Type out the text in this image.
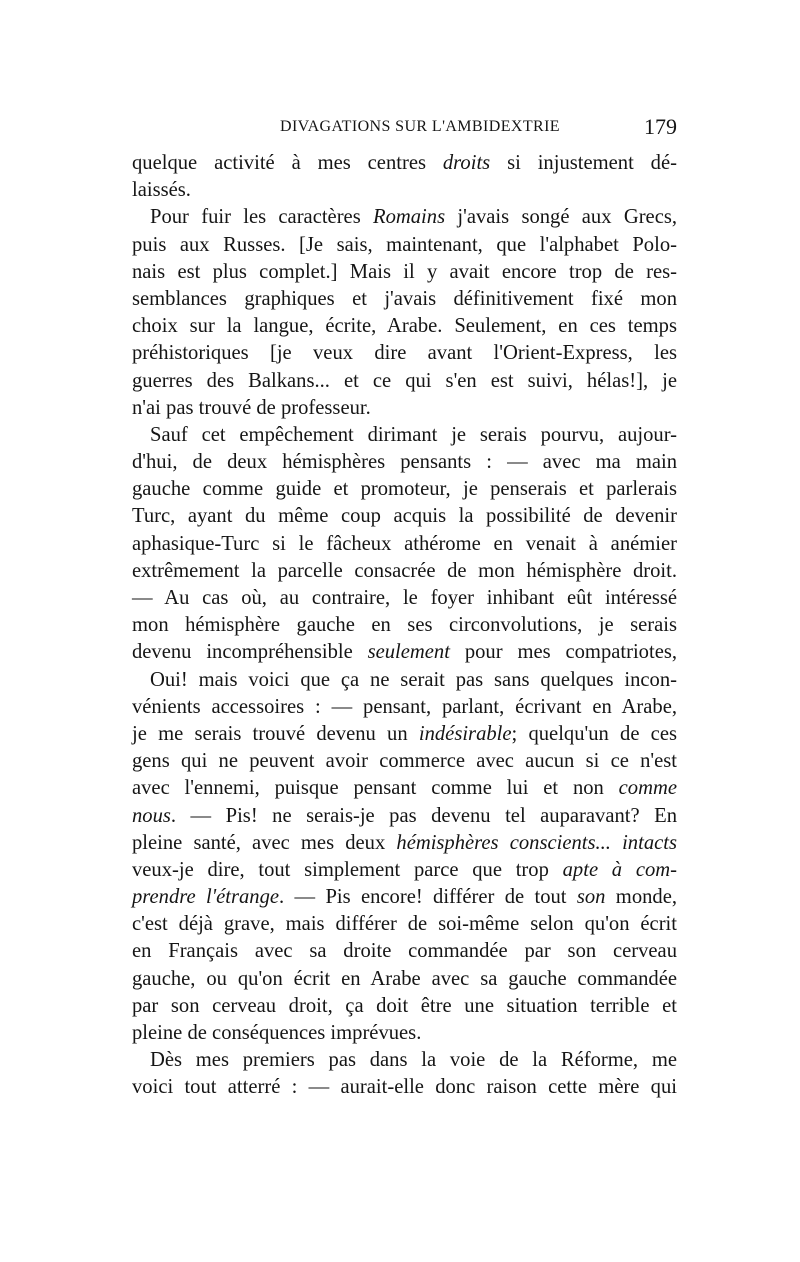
DIVAGATIONS SUR L'AMBIDEXTRIE	179
quelque activité à mes centres droits si injustement dé-
laissés.
Pour fuir les caractères Romains j'avais songé aux Grecs,
puis aux Russes. [Je sais, maintenant, que l'alphabet Polo-
nais est plus complet.] Mais il y avait encore trop de res-
semblances graphiques et j'avais définitivement fixé mon
choix sur la langue, écrite, Arabe. Seulement, en ces temps
préhistoriques [je veux dire avant l'Orient-Express, les
guerres des Balkans... et ce qui s'en est suivi, hélas!], je
n'ai pas trouvé de professeur.
Sauf cet empêchement dirimant je serais pourvu, aujour-
d'hui, de deux hémisphères pensants : — avec ma main
gauche comme guide et promoteur, je penserais et parlerais
Turc, ayant du même coup acquis la possibilité de devenir
aphasique-Turc si le fâcheux athérome en venait à anémier
extrêmement la parcelle consacrée de mon hémisphère droit.
— Au cas où, au contraire, le foyer inhibant eût intéressé
mon hémisphère gauche en ses circonvolutions, je serais
devenu incompréhensible seulement pour mes compatriotes,
Oui! mais voici que ça ne serait pas sans quelques incon-
vénients accessoires : — pensant, parlant, écrivant en Arabe,
je me serais trouvé devenu un indésirable; quelqu'un de ces
gens qui ne peuvent avoir commerce avec aucun si ce n'est
avec l'ennemi, puisque pensant comme lui et non comme
nous. — Pis! ne serais-je pas devenu tel auparavant? En
pleine santé, avec mes deux hémisphères conscients... intacts
veux-je dire, tout simplement parce que trop apte à com-
prendre l'étrange. — Pis encore! différer de tout son monde,
c'est déjà grave, mais différer de soi-même selon qu'on écrit
en Français avec sa droite commandée par son cerveau
gauche, ou qu'on écrit en Arabe avec sa gauche commandée
par son cerveau droit, ça doit être une situation terrible et
pleine de conséquences imprévues.
Dès mes premiers pas dans la voie de la Réforme, me
voici tout atterré : — aurait-elle donc raison cette mère qui
